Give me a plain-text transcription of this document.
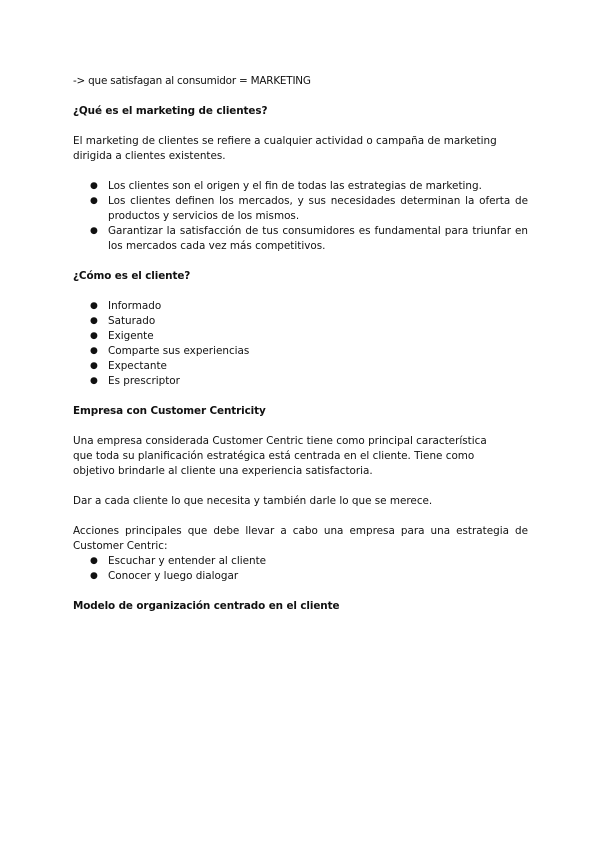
-> que satisfagan al consumidor = MARKETING

¿Qué es el marketing de clientes?

El marketing de clientes se refiere a cualquier actividad o campaña de marketing dirigida a clientes existentes.

● Los clientes son el origen y el fin de todas las estrategias de marketing.
● Los clientes definen los mercados, y sus necesidades determinan la oferta de productos y servicios de los mismos.
● Garantizar la satisfacción de tus consumidores es fundamental para triunfar en los mercados cada vez más competitivos.

¿Cómo es el cliente?

● Informado
● Saturado
● Exigente
● Comparte sus experiencias
● Expectante
● Es prescriptor

Empresa con Customer Centricity

Una empresa considerada Customer Centric tiene como principal característica que toda su planificación estratégica está centrada en el cliente. Tiene como objetivo brindarle al cliente una experiencia satisfactoria.

Dar a cada cliente lo que necesita y también darle lo que se merece.

Acciones principales que debe llevar a cabo una empresa para una estrategia de Customer Centric:

● Escuchar y entender al cliente
● Conocer y luego dialogar

Modelo de organización centrado en el cliente
